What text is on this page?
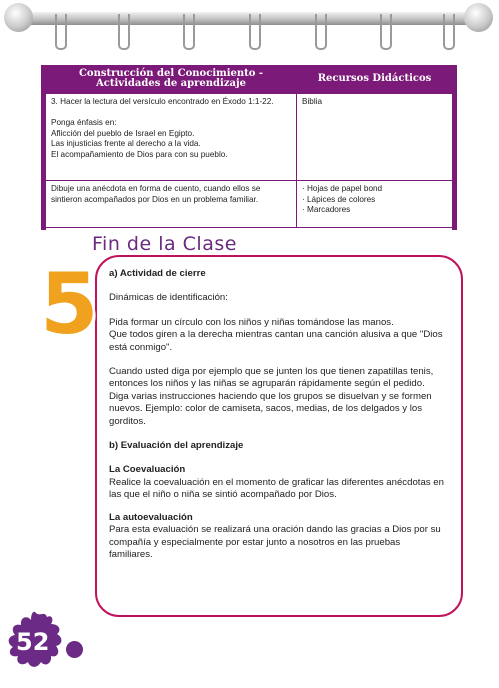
Construcción del Conocimiento -
Actividades de aprendizaje	Recursos Didácticos

3. Hacer la lectura del versículo encontrado en Éxodo 1:1-22.

Ponga énfasis en:
Aflicción del pueblo de Israel en Egipto.
Las injusticias frente al derecho a la vida.
El acompañamiento de Dios para con su pueblo.	Biblia

Dibuje una anécdota en forma de cuento, cuando ellos se sintieron acompañados por Dios en un problema familiar.	· Hojas de papel bond
· Lápices de colores
· Marcadores
Fin de la Clase
5 a) Actividad de cierre

Dinámicas de identificación:

Pida formar un círculo con los niños y niñas tomándose las manos.

Que todos giren a la derecha mientras cantan una canción alusiva a que "Dios está conmigo".

Cuando usted diga por ejemplo que se junten los que tienen zapatillas tenis, entonces los niños y las niñas se agruparán rápidamente según el pedido.

Diga varias instrucciones haciendo que los grupos se disuelvan y se formen nuevos. Ejemplo: color de camiseta, sacos, medias, de los delgados y los gorditos.

b) Evaluación del aprendizaje

La Coevaluación

Realice la coevaluación en el momento de graficar las diferentes anécdotas en las que el niño o niña se sintió acompañado por Dios.

La autoevaluación

Para esta evaluación se realizará una oración dando las gracias a Dios por su compañía y especialmente por estar junto a nosotros en las pruebas familiares.

52
